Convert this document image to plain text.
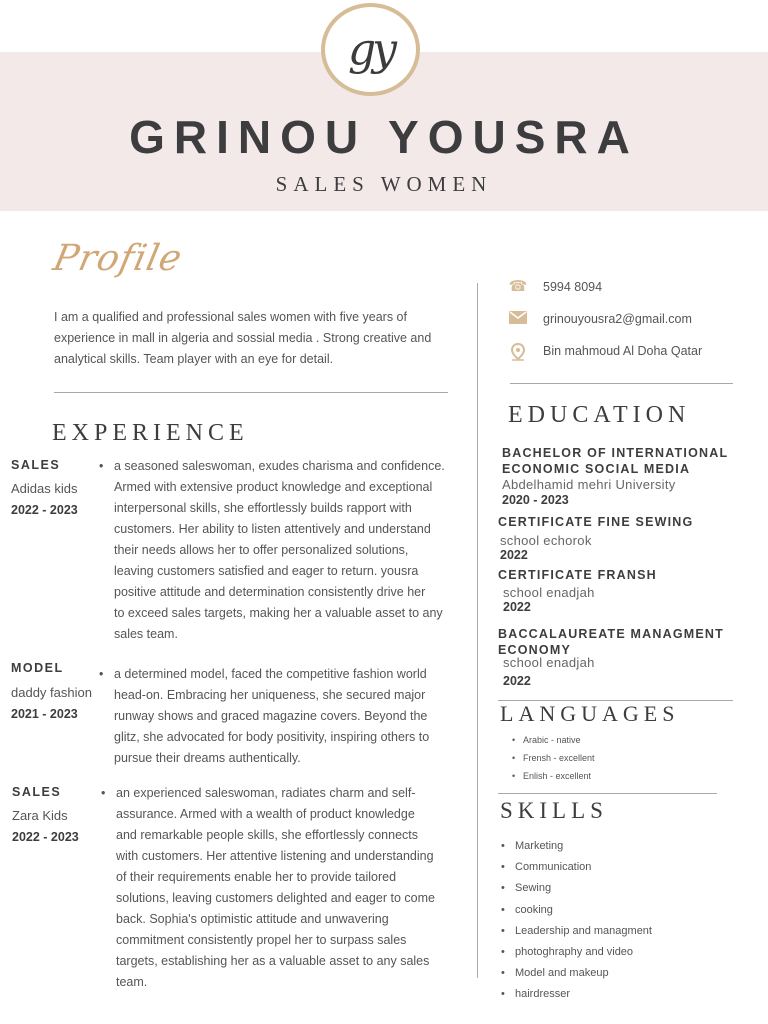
gy
GRINOU YOUSRA
SALES WOMEN
Profile
I am a qualified and professional sales women with five years of experience in mall in algeria and sossial media . Strong creative and analytical skills. Team player with an eye for detail.
☎ 5994 8094
grinouyousra2@gmail.com
Bin mahmoud Al Doha Qatar
EXPERIENCE
SALES
Adidas kids
2022 - 2023
• a seasoned saleswoman, exudes charisma and confidence.
Armed with extensive product knowledge and exceptional
interpersonal skills, she effortlessly builds rapport with
customers. Her ability to listen attentively and understand
their needs allows her to offer personalized solutions,
leaving customers satisfied and eager to return. yousra
positive attitude and determination consistently drive her
to exceed sales targets, making her a valuable asset to any
sales team.
MODEL
daddy fashion
2021 - 2023
• a determined model, faced the competitive fashion world
head-on. Embracing her uniqueness, she secured major
runway shows and graced magazine covers. Beyond the
glitz, she advocated for body positivity, inspiring others to
pursue their dreams authentically.
SALES
Zara Kids
2022 - 2023
• an experienced saleswoman, radiates charm and self-
assurance. Armed with a wealth of product knowledge
and remarkable people skills, she effortlessly connects
with customers. Her attentive listening and understanding
of their requirements enable her to provide tailored
solutions, leaving customers delighted and eager to come
back. Sophia's optimistic attitude and unwavering
commitment consistently propel her to surpass sales
targets, establishing her as a valuable asset to any sales
team.
EDUCATION
BACHELOR OF INTERNATIONAL ECONOMIC SOCIAL MEDIA
Abdelhamid mehri University
2020 - 2023
CERTIFICATE FINE SEWING
school echorok
2022
CERTIFICATE FRANSH
school enadjah
2022
BACCALAUREATE MANAGMENT ECONOMY
school enadjah
2022
LANGUAGES
• Arabic - native
• Frensh - excellent
• Enlish - excellent
SKILLS
• Marketing
• Communication
• Sewing
• cooking
• Leadership and managment
• photoghraphy and video
• Model and makeup
• hairdresser
